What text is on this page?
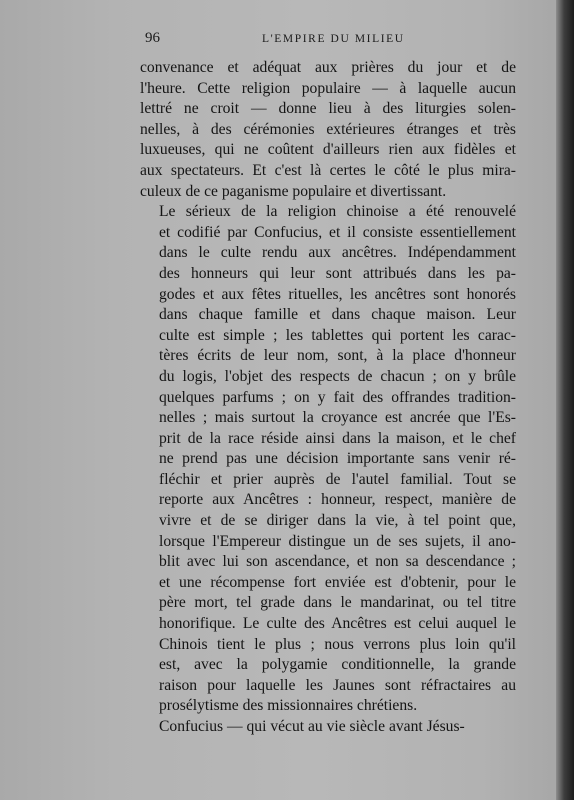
96	L'EMPIRE DU MILIEU

convenance et adéquat aux prières du jour et de
l'heure. Cette religion populaire — à laquelle aucun
lettré ne croit — donne lieu à des liturgies solen-
nelles, à des cérémonies extérieures étranges et très
luxueuses, qui ne coûtent d'ailleurs rien aux fidèles et
aux spectateurs. Et c'est là certes le côté le plus mira-
culeux de ce paganisme populaire et divertissant.

Le sérieux de la religion chinoise a été renouvelé
et codifié par Confucius, et il consiste essentiellement
dans le culte rendu aux ancêtres. Indépendamment
des honneurs qui leur sont attribués dans les pa-
godes et aux fêtes rituelles, les ancêtres sont honorés
dans chaque famille et dans chaque maison. Leur
culte est simple ; les tablettes qui portent les carac-
tères écrits de leur nom, sont, à la place d'honneur
du logis, l'objet des respects de chacun ; on y brûle
quelques parfums ; on y fait des offrandes tradition-
nelles ; mais surtout la croyance est ancrée que l'Es-
prit de la race réside ainsi dans la maison, et le chef
ne prend pas une décision importante sans venir ré-
fléchir et prier auprès de l'autel familial. Tout se
reporte aux Ancêtres : honneur, respect, manière de
vivre et de se diriger dans la vie, à tel point que,
lorsque l'Empereur distingue un de ses sujets, il ano-
blit avec lui son ascendance, et non sa descendance ;
et une récompense fort enviée est d'obtenir, pour le
père mort, tel grade dans le mandarinat, ou tel titre
honorifique. Le culte des Ancêtres est celui auquel le
Chinois tient le plus ; nous verrons plus loin qu'il
est, avec la polygamie conditionnelle, la grande
raison pour laquelle les Jaunes sont réfractaires au
prosélytisme des missionnaires chrétiens.

Confucius — qui vécut au vie siècle avant Jésus-
